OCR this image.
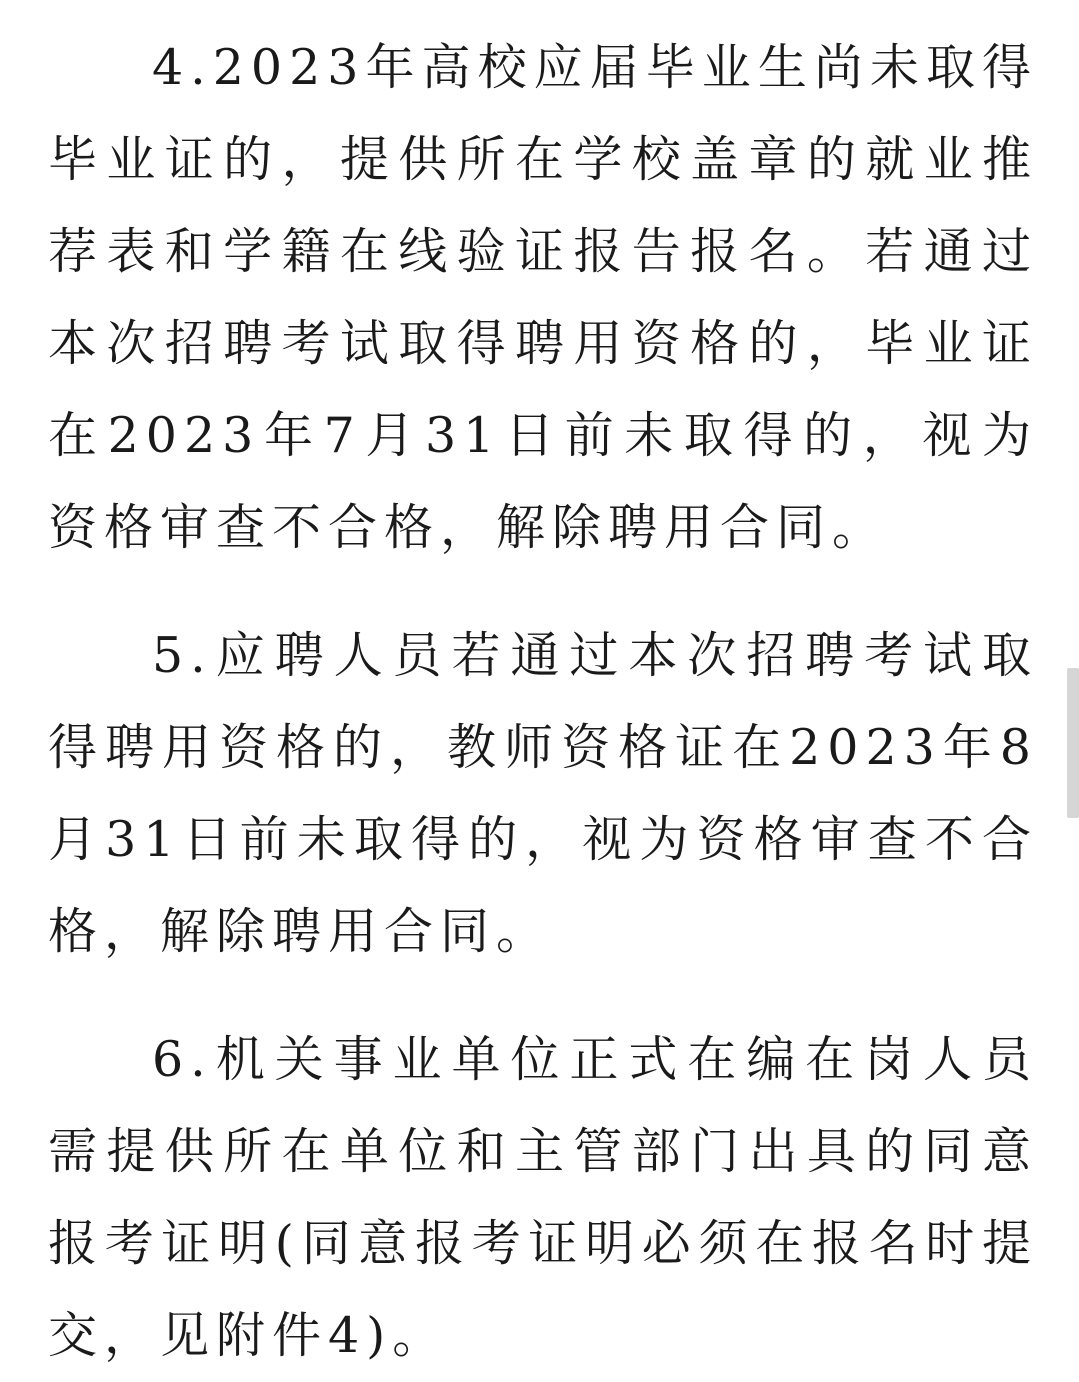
4.2023年高校应届毕业生尚未取得毕业证的，提供所在学校盖章的就业推荐表和学籍在线验证报告报名。若通过本次招聘考试取得聘用资格的，毕业证在2023年7月31日前未取得的，视为资格审查不合格，解除聘用合同。

5.应聘人员若通过本次招聘考试取得聘用资格的，教师资格证在2023年8月31日前未取得的，视为资格审查不合格，解除聘用合同。

6.机关事业单位正式在编在岗人员需提供所在单位和主管部门出具的同意报考证明(同意报考证明必须在报名时提交，见附件4)。
